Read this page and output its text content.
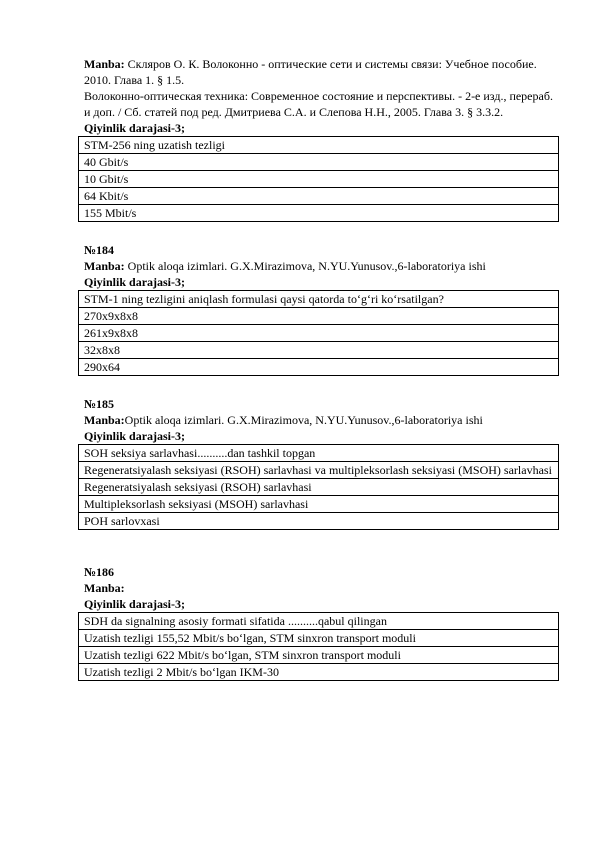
Manba: Скляров О. К. Волоконно - оптические сети и системы связи: Учебное пособие. 2010. Глава 1. § 1.5.

Волоконно-оптическая техника: Современное состояние и перспективы. - 2-е изд., перераб. и доп. / Сб. статей под ред. Дмитриева С.А. и Слепова Н.Н., 2005. Глава 3. § 3.3.2.

Qiyinlik darajasi-3;

STM-256 ning uzatish tezligi
40 Gbit/s
10 Gbit/s
64 Kbit/s
155 Mbit/s

№184

Manba: Optik aloqa izimlari. G.X.Mirazimova, N.YU.Yunusov.,6-laboratoriya ishi

Qiyinlik darajasi-3;

STM-1 ning tezligini aniqlash formulasi qaysi qatorda to‘g‘ri ko‘rsatilgan?
270x9x8x8
261x9x8x8
32x8x8
290x64

№185

Manba:Optik aloqa izimlari. G.X.Mirazimova, N.YU.Yunusov.,6-laboratoriya ishi

Qiyinlik darajasi-3;

SOH seksiya sarlavhasi..........dan tashkil topgan
Regeneratsiyalash seksiyasi (RSOH) sarlavhasi va multipleksorlash seksiyasi (MSOH) sarlavhasi
Regeneratsiyalash seksiyasi (RSOH) sarlavhasi
Multipleksorlash seksiyasi (MSOH) sarlavhasi
POH sarlovxasi

№186

Manba:

Qiyinlik darajasi-3;

SDH da signalning asosiy formati sifatida ..........qabul qilingan
Uzatish tezligi 155,52 Mbit/s bo‘lgan, STM sinxron transport moduli
Uzatish tezligi 622 Mbit/s bo‘lgan, STM sinxron transport moduli
Uzatish tezligi 2 Mbit/s bo‘lgan IKM-30
